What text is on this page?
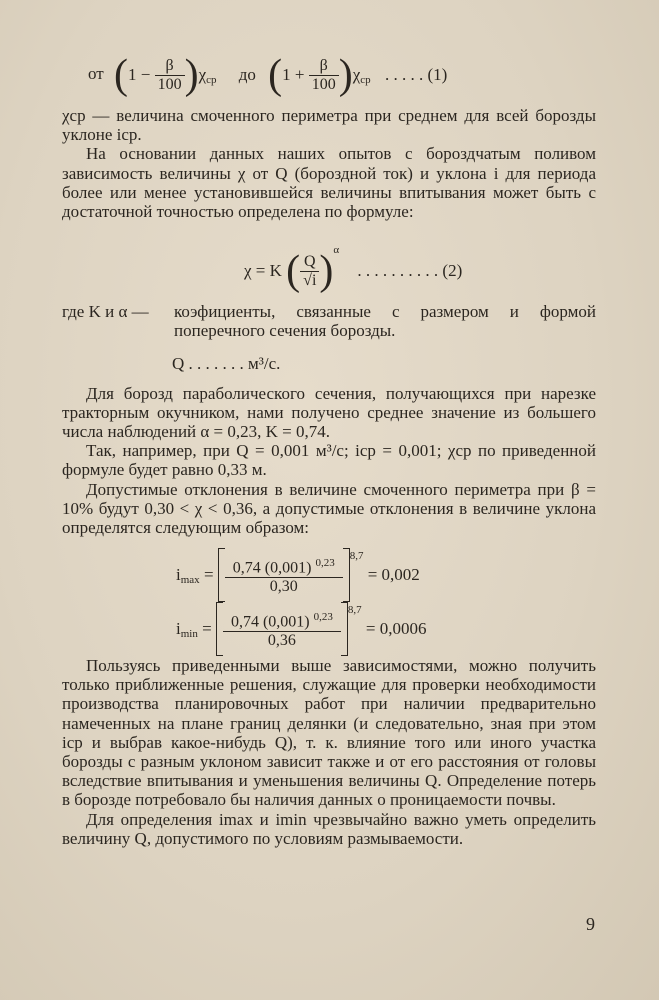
от $(1 - \frac{\beta}{100} )\chi_{ср}$ до $(1 + \frac{\beta}{100} )\chi_{ср}$ . . . . . (1)

χср — величина смоченного периметра при среднем для всей борозды уклоне iср.

На основании данных наших опытов с бороздчатым поливом зависимость величины χ от Q (бороздной ток) и уклона i для периода более или менее установившейся величины впитывания может быть с достаточной точностью определена по формуле:

χ = K ( $\frac{Q}{√i} )^\alpha$ . . . . . . . . . . (2)
где K и α —	коэфициенты, связанные с размером и формой поперечного сечения борозды.
Q . . . . . . . м³/с.

Для борозд параболического сечения, получающихся при нарезке тракторным окучником, нами получено среднее значение из большего числа наблюдений α = 0,23, K = 0,74.

Так, например, при Q = 0,001 м³/с; iср = 0,001; χср по приведенной формуле будет равно 0,33 м.

Допустимые отклонения в величине смоченного периметра при β = 10% будут 0,30 < χ < 0,36, а допустимые отклонения в величине уклона определятся следующим образом:

$i_{max} = \frac{0,74 (0,001) ^{0,23}}{0,30} ^{8,7} = 0,002$
$i_{min} = \frac{0,74 (0,001) ^{0,23}}{0,36} ^{8,7} = 0,0006$

Пользуясь приведенными выше зависимостями, можно получить только приближенные решения, служащие для проверки необходимости производства планировочных работ при наличии предварительно намеченных на плане границ делянки (и следовательно, зная при этом iср и выбрав какое-нибудь Q), т. к. влияние того или иного участка борозды с разным уклоном зависит также и от его расстояния от головы вследствие впитывания и уменьшения величины Q. Определение потерь в борозде потребовало бы наличия данных о проницаемости почвы.

Для определения imax и imin чрезвычайно важно уметь определить величину Q, допустимого по условиям размываемости.

9
